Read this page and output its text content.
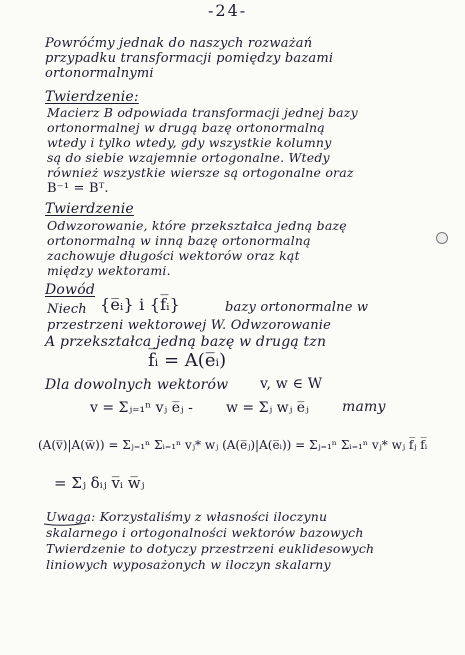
-24-
Powróćmy jednak do naszych rozważań
przypadku transformacji pomiędzy bazami
ortonormalnymi
Twierdzenie:
Macierz B odpowiada transformacji jednej bazy
ortonormalnej w drugą bazę ortonormalną
wtedy i tylko wtedy, gdy wszystkie kolumny
są do siebie wzajemnie ortogonalne. Wtedy
również wszystkie wiersze są ortogonalne oraz
B⁻¹ = Bᵀ.
Twierdzenie
Odwzorowanie, które przekształca jedną bazę
ortonormalną w inną bazę ortonormalną
zachowuje długości wektorów oraz kąt
między wektorami.
Dowód
Niech {e̅ᵢ} i {f̅ᵢ}	bazy ortonormalne w
przestrzeni wektorowej W. Odwzorowanie
A przekształca jedną bazę w drugą tzn
f̅ᵢ = A(e̅ᵢ)
Dla dowolnych wektorów v, w ∈ W
v = Σⱼ₌₁ⁿ vⱼ e̅ⱼ - w = Σⱼ wⱼ e̅ⱼ mamy
(A(v̅)|A(w̅)) = Σⱼ₌₁ⁿ Σᵢ₌₁ⁿ vⱼ* wⱼ (A(e̅ⱼ)|A(e̅ᵢ)) = Σⱼ₌₁ⁿ Σᵢ₌₁ⁿ vⱼ* wⱼ f̅ⱼ f̅ᵢ
= Σⱼ δᵢⱼ v̅ᵢ w̅ⱼ
Uwaga: Korzystaliśmy z własności iloczynu
skalarnego i ortogonalności wektorów bazowych
Twierdzenie to dotyczy przestrzeni euklidesowych
liniowych wyposażonych w iloczyn skalarny
